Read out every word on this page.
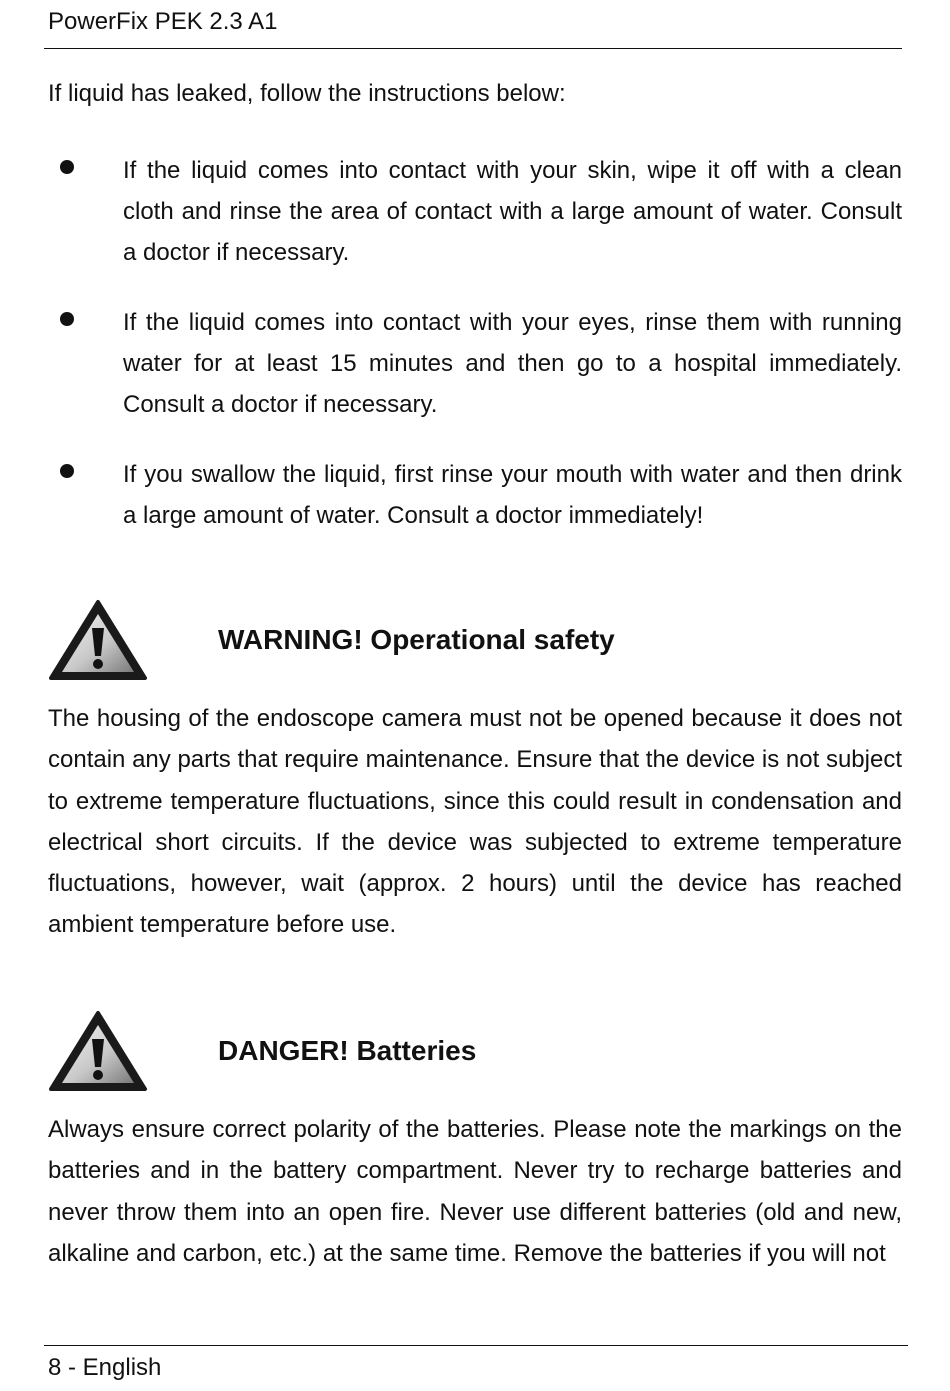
PowerFix PEK 2.3 A1
If liquid has leaked, follow the instructions below:
If the liquid comes into contact with your skin, wipe it off with a clean cloth and rinse the area of contact with a large amount of water. Consult a doctor if necessary.
If the liquid comes into contact with your eyes, rinse them with running water for at least 15 minutes and then go to a hospital immediately. Consult a doctor if necessary.
If you swallow the liquid, first rinse your mouth with water and then drink a large amount of water. Consult a doctor immediately!
WARNING! Operational safety

The housing of the endoscope camera must not be opened because it does not contain any parts that require maintenance. Ensure that the device is not subject to extreme temperature fluctuations, since this could result in condensation and electrical short circuits. If the device was subjected to extreme temperature fluctuations, however, wait (approx. 2 hours) until the device has reached ambient temperature before use.

DANGER! Batteries

Always ensure correct polarity of the batteries. Please note the markings on the batteries and in the battery compartment. Never try to recharge batteries and never throw them into an open fire. Never use different batteries (old and new, alkaline and carbon, etc.) at the same time. Remove the batteries if you will not

8 - English
